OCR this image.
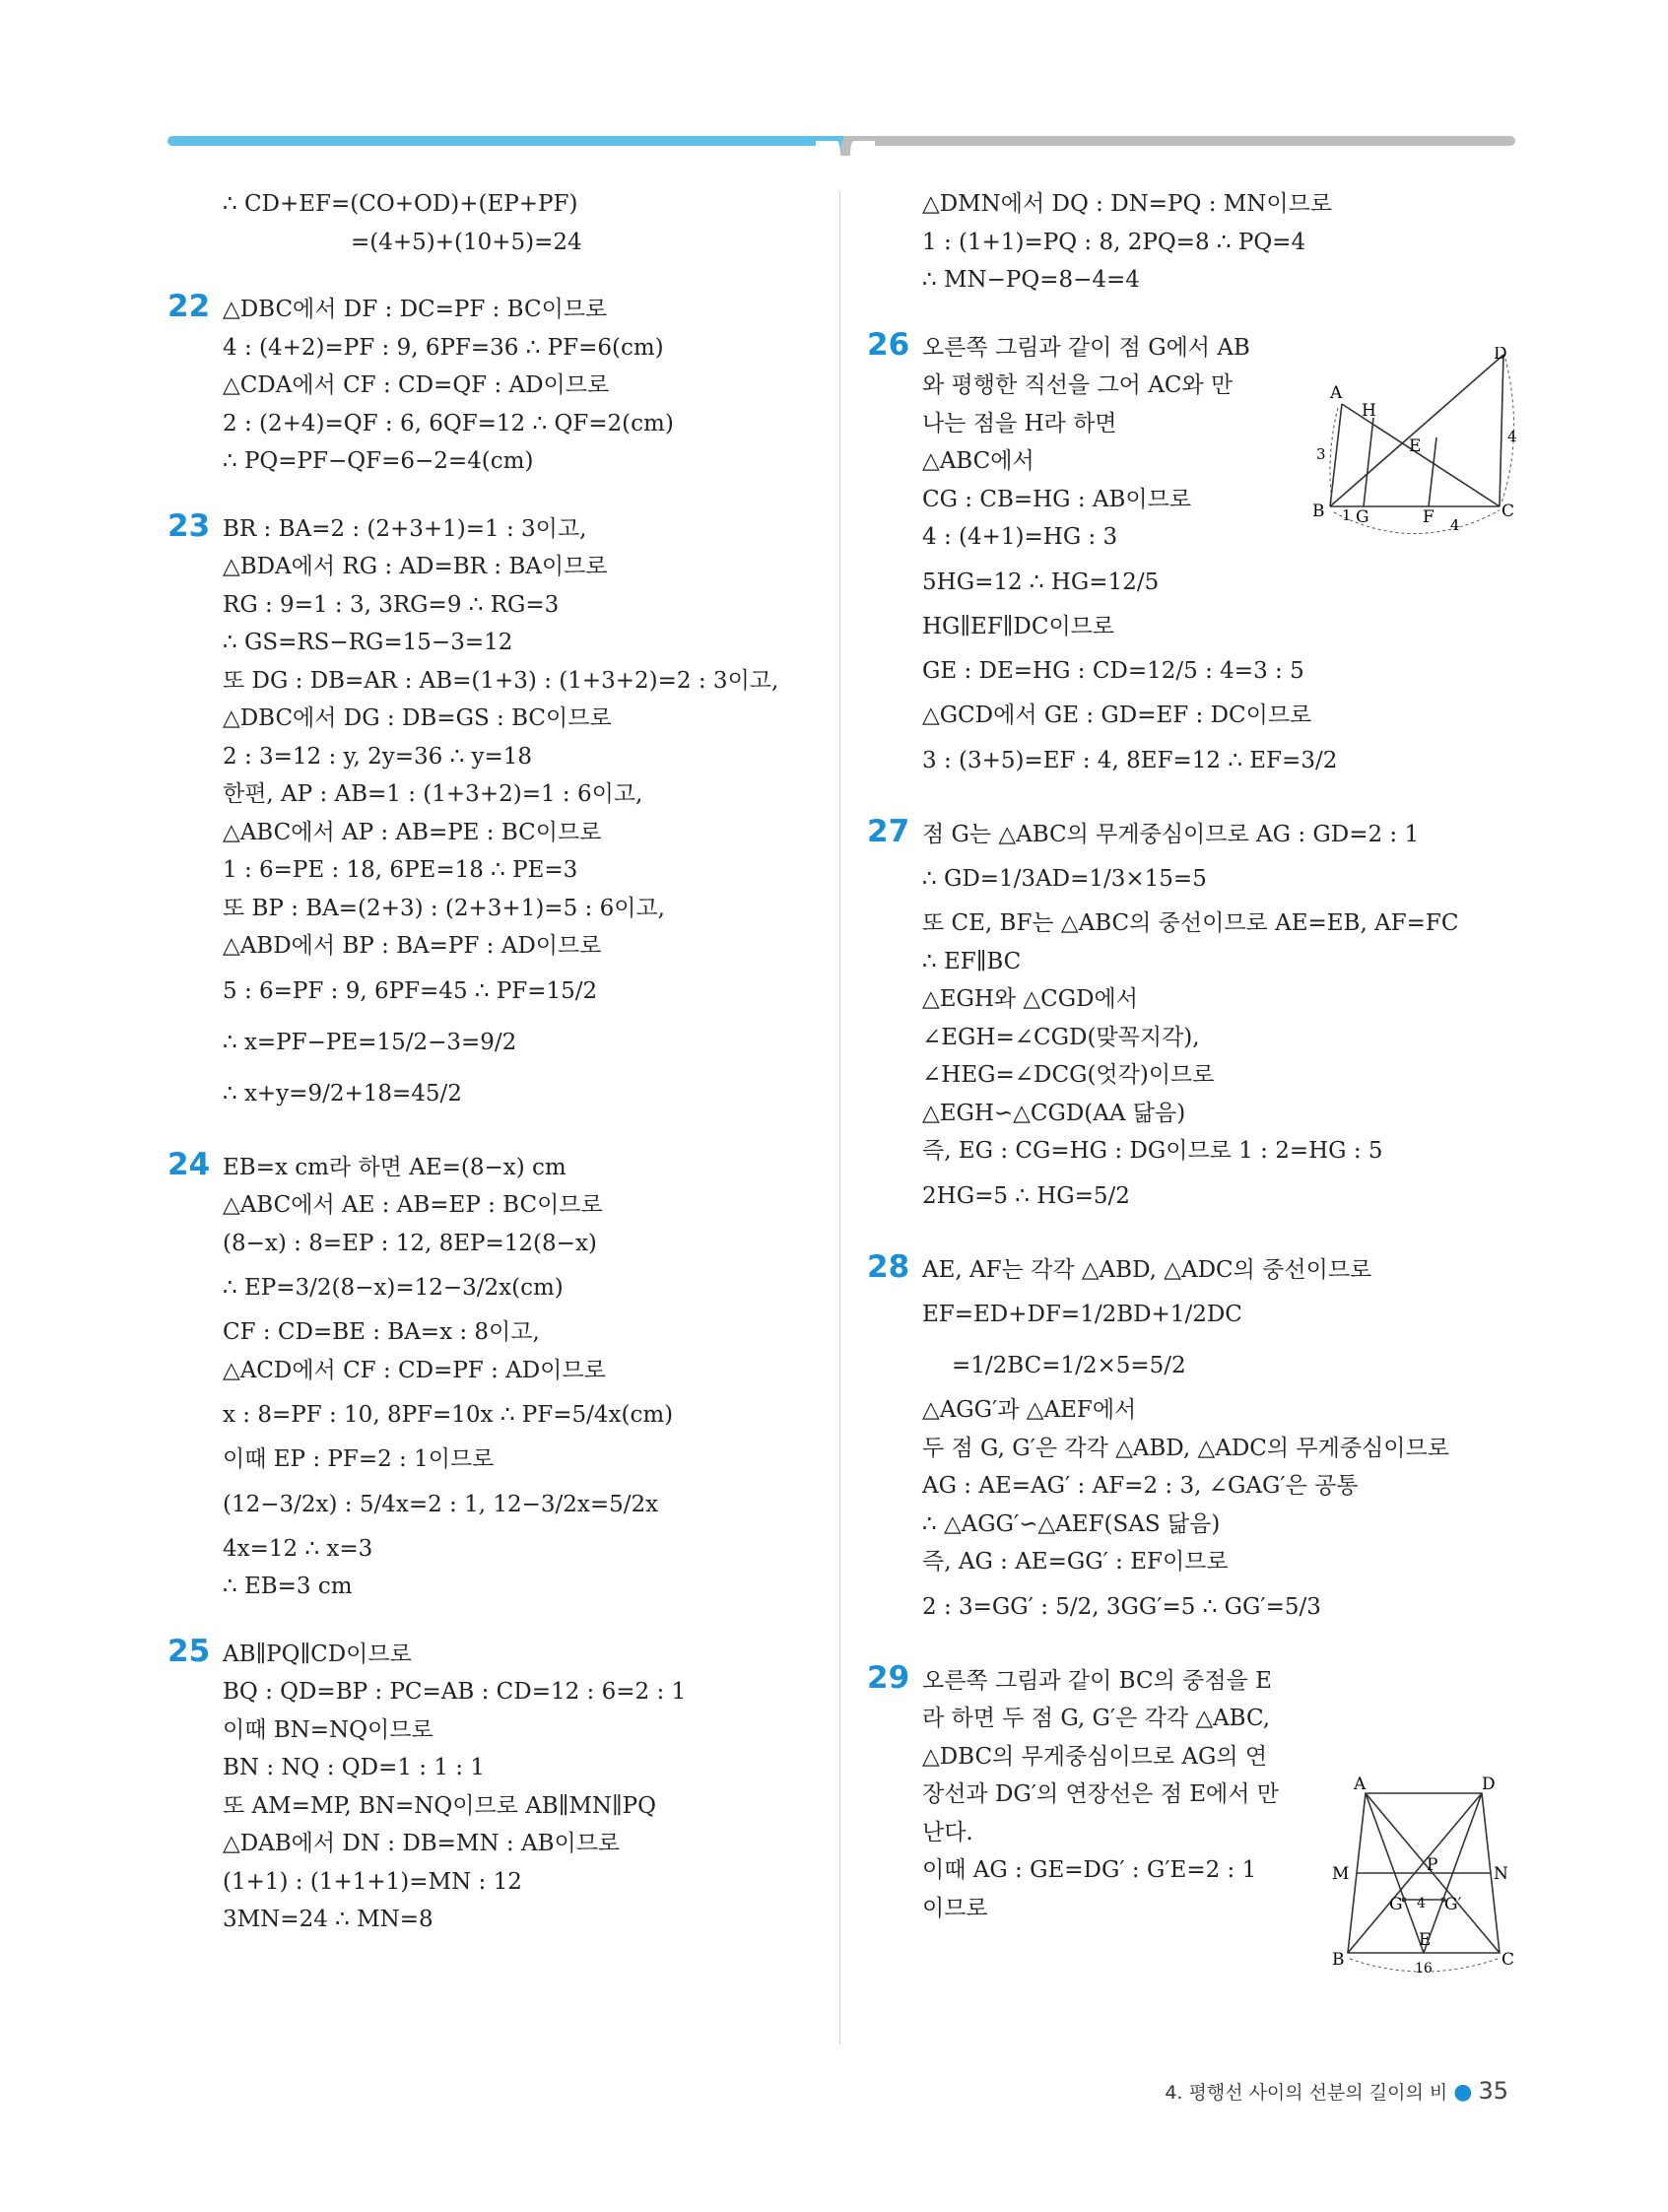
∴ CD+EF=(CO+OD)+(EP+PF)
=(4+5)+(10+5)=24
22 △DBC에서 DF : DC=PF : BC이므로
4 : (4+2)=PF : 9, 6PF=36 ∴ PF=6(cm)
△CDA에서 CF : CD=QF : AD이므로
2 : (2+4)=QF : 6, 6QF=12 ∴ QF=2(cm)
∴ PQ=PF−QF=6−2=4(cm)
23 BR : BA=2 : (2+3+1)=1 : 3이고,
△BDA에서 RG : AD=BR : BA이므로
RG : 9=1 : 3, 3RG=9 ∴ RG=3
∴ GS=RS−RG=15−3=12
또 DG : DB=AR : AB=(1+3) : (1+3+2)=2 : 3이고,
△DBC에서 DG : DB=GS : BC이므로
2 : 3=12 : y, 2y=36 ∴ y=18
한편, AP : AB=1 : (1+3+2)=1 : 6이고,
△ABC에서 AP : AB=PE : BC이므로
1 : 6=PE : 18, 6PE=18 ∴ PE=3
또 BP : BA=(2+3) : (2+3+1)=5 : 6이고,
△ABD에서 BP : BA=PF : AD이므로
5 : 6=PF : 9, 6PF=45 ∴ PF=15/2
∴ x=PF−PE=15/2−3=9/2
∴ x+y=9/2+18=45/2
24 EB=x cm라 하면 AE=(8−x) cm
△ABC에서 AE : AB=EP : BC이므로
(8−x) : 8=EP : 12, 8EP=12(8−x)
∴ EP=3/2(8−x)=12−3/2x(cm)
CF : CD=BE : BA=x : 8이고,
△ACD에서 CF : CD=PF : AD이므로
x : 8=PF : 10, 8PF=10x ∴ PF=5/4x(cm)
이때 EP : PF=2 : 1이므로
(12−3/2x) : 5/4x=2 : 1, 12−3/2x=5/2x
4x=12 ∴ x=3
∴ EB=3 cm
25 AB∥PQ∥CD이므로
BQ : QD=BP : PC=AB : CD=12 : 6=2 : 1
이때 BN=NQ이므로
BN : NQ : QD=1 : 1 : 1
또 AM=MP, BN=NQ이므로 AB∥MN∥PQ
△DAB에서 DN : DB=MN : AB이므로
(1+1) : (1+1+1)=MN : 12
3MN=24 ∴ MN=8
△DMN에서 DQ : DN=PQ : MN이므로
1 : (1+1)=PQ : 8, 2PQ=8 ∴ PQ=4
∴ MN−PQ=8−4=4
26 오른쪽 그림과 같이 점 G에서 AB
와 평행한 직선을 그어 AC와 만
나는 점을 H라 하면
△ABC에서
CG : CB=HG : AB이므로
4 : (4+1)=HG : 3
5HG=12 ∴ HG=12/5
HG∥EF∥DC이므로
GE : DE=HG : CD=12/5 : 4=3 : 5
△GCD에서 GE : GD=EF : DC이므로
3 : (3+5)=EF : 4, 8EF=12 ∴ EF=3/2
27 점 G는 △ABC의 무게중심이므로 AG : GD=2 : 1
∴ GD=1/3AD=1/3×15=5
또 CE, BF는 △ABC의 중선이므로 AE=EB, AF=FC
∴ EF∥BC
△EGH와 △CGD에서
∠EGH=∠CGD(맞꼭지각),
∠HEG=∠DCG(엇각)이므로
△EGH∽△CGD(AA 닮음)
즉, EG : CG=HG : DG이므로 1 : 2=HG : 5
2HG=5 ∴ HG=5/2
28 AE, AF는 각각 △ABD, △ADC의 중선이므로
EF=ED+DF=1/2BD+1/2DC
=1/2BC=1/2×5=5/2
△AGG′과 △AEF에서
두 점 G, G′은 각각 △ABD, △ADC의 무게중심이므로
AG : AE=AG′ : AF=2 : 3, ∠GAG′은 공통
∴ △AGG′∽△AEF(SAS 닮음)
즉, AG : AE=GG′ : EF이므로
2 : 3=GG′ : 5/2, 3GG′=5 ∴ GG′=5/3
29 오른쪽 그림과 같이 BC의 중점을 E
라 하면 두 점 G, G′은 각각 △ABC,
△DBC의 무게중심이므로 AG의 연
장선과 DG′의 연장선은 점 E에서 만
난다.
이때 AG : GE=DG′ : G′E=2 : 1
이므로
A
H
D
E
B 1 G	F 4
C
3
4
A	D
M	P	N
G 4 G′
B
E
C
16
4. 평행선 사이의 선분의 길이의 비 ● 35
